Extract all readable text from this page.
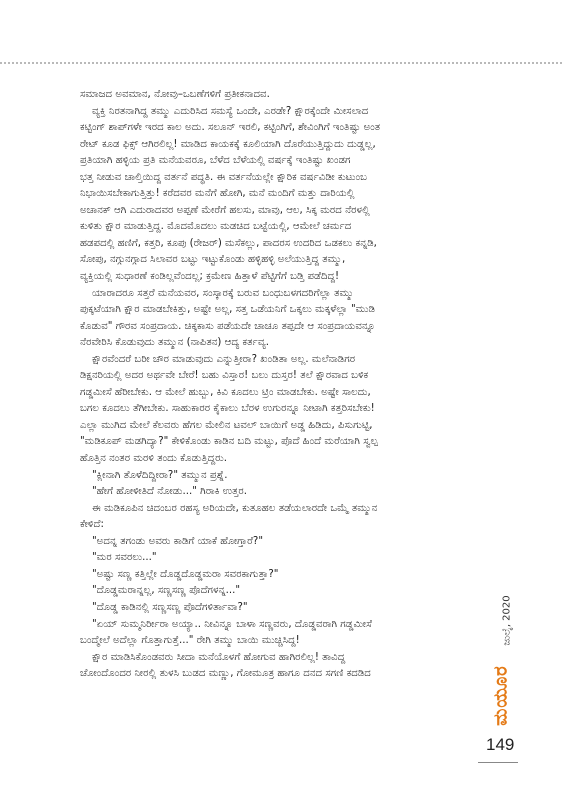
ಸಮಾಜದ ಅವಮಾನ, ನೋವು–ಒಬಣೆಗಳಿಗೆ ಪ್ರತೀಕನಾದವ.

ವ್ಯಕ್ತಿ ನಿರತನಾಗಿದ್ದ ತಮ್ಮು ಎದುರಿಸಿದ ಸಮಸ್ಯೆ ಒಂದೇ, ಎರಡೇ? ಕ್ಷೌರಕ್ಕೆಂದೇ ಮೀಸಲಾದ

ಕಟ್ಟಿಂಗ್ ಶಾಪ್‌ಗಳೇ ಇರದ ಕಾಲ ಅದು. ಸಲೂನ್ ಇರಲಿ, ಕಟ್ಟಿಂಗಿಗೆ, ಶೇವಿಂಗಿಗೆ ಇಂತಿಷ್ಟು ಅಂತ

ರೇಟ್ ಕೂಡ ಫಿಕ್ಸ್ ಆಗಿರಲಿಲ್ಲ! ಮಾಡಿದ ಕಾಯಕಕ್ಕೆ ಕೂಲಿಯಾಗಿ ದೊರೆಯುತ್ತಿದ್ದುದು ದುಡ್ಡಲ್ಲ,

ಪ್ರತಿಯಾಗಿ ಹಳ್ಳಿಯ ಪ್ರತಿ ಮನೆಯವರೂ, ಬೆಳೆದ ಬೆಳೆಯಲ್ಲಿ ವರ್ಷಕ್ಕೆ ಇಂತಿಷ್ಟು ಖಂಡಗ

ಭತ್ತ ನೀಡುವ ಚಾಲ್ತಿಯಿದ್ದ ವರ್ತನೆ ಪದ್ಧತಿ. ಈ ವರ್ತನೆಯಲ್ಲೇ ಕ್ಷೌರಿಕ ವರ್ಷವಿಡೀ ಕುಟುಂಬ

ನಿಭಾಯಿಸಬೇಕಾಗುತ್ತಿತ್ತು! ಕರೆದವರ ಮನೆಗೆ ಹೋಗಿ, ಮನೆ ಮಂದಿಗೆ ಮತ್ತು ದಾರಿಯಲ್ಲಿ

ಅಚಾನಕ್ ಆಗಿ ಎದುರಾದವರ ಅಪ್ಪಣೆ ಮೇರೆಗೆ ಹಲಸು, ಮಾವು, ಆಲ, ಸಿಕ್ಕ ಮರದ ನೆರಳಲ್ಲಿ

ಕುಳಿತು ಕ್ಷೌರ ಮಾಡುತ್ತಿದ್ದ. ಮೊದಮೊದಲು ಮಡಚಿದ ಬಟ್ಟೆಯಲ್ಲಿ, ಆಮೇಲೆ ಚರ್ಮದ

ಹಡಪದಲ್ಲಿ ಹಣಿಗೆ, ಕತ್ತರಿ, ಕೂಪು (ರೇಜರ್) ಮಸೆಕಲ್ಲು, ಪಾದರಸ ಉದರಿದ ಒಡಕಲು ಕನ್ನಡಿ,

ಸೋಪು, ನಗ್ಗುನಗ್ಗಾದ ಸಿಲಾವರ ಬಟ್ಟು ಇಟ್ಟುಕೊಂಡು ಹಳ್ಳಿಹಳ್ಳಿ ಅಲೆಯುತ್ತಿದ್ದ ತಮ್ಮು,

ವ್ಯಕ್ತಿಯಲ್ಲಿ ಸುಧಾರಣೆ ಕಂಡಿಲ್ಲವೆಂದಲ್ಲ; ಕ್ರಮೇಣ ಹಿತ್ತಾಳೆ ಪೆಟ್ಟಿಗೆಗೆ ಬಡ್ತಿ ಪಡೆದಿದ್ದ!

ಯಾರಾದರೂ ಸತ್ತರೆ ಮನೆಯವರ, ಸಂಸ್ಕಾರಕ್ಕೆ ಬರುವ ಬಂಧುಬಳಗದರಿಗೆಲ್ಲಾ ತಮ್ಮು

ಪುಕ್ಕಟೆಯಾಗಿ ಕ್ಷೌರ ಮಾಡಬೇಕಿತ್ತು, ಅಷ್ಟೇ ಅಲ್ಲ, ಸತ್ತ ಒಡೆಯನಿಗೆ ಒಕ್ಕಲು ಮಕ್ಕಳೆಲ್ಲಾ "ಮುಡಿ

ಕೊಡುವ" ಗೌರವ ಸಂಪ್ರದಾಯ. ಚಿಕ್ಕಕಾಸು ಪಡೆಯದೇ ಚಾಚೂ ತಪ್ಪದೇ ಆ ಸಂಪ್ರದಾಯವನ್ನೂ

ನೆರವೇರಿಸಿ ಕೊಡುವುದು ತಮ್ಮುನ (ನಾಪಿತನ) ಆದ್ಯ ಕರ್ತವ್ಯ.

ಕ್ಷೌರವೆಂದರೆ ಬರೀ ಚೌರ ಮಾಡುವುದು ಎನ್ನುತ್ತೀರಾ? ಖಂಡಿತಾ ಅಲ್ಲ. ಮಲೆನಾಡಿಗರ

ಡಿಕ್ಷನರಿಯಲ್ಲಿ ಅದರ ಅರ್ಥವೇ ಬೇರೆ! ಬಹು ವಿಸ್ತಾರ! ಬಲು ದುಸ್ತರ! ತಲೆ ಕ್ಷೌರವಾದ ಬಳಿಕ

ಗಡ್ಡಮೀಸೆ ಹೆರೀಬೇಕು. ಆ ಮೇಲೆ ಹುಬ್ಬು, ಕಿವಿ ಕೂದಲು ಟ್ರಿಂ ಮಾಡಬೇಕು. ಅಷ್ಟೇ ಸಾಲದು,

ಬಗಲ ಕೂದಲು ತೆಗೀಬೇಕು. ಸಾಹುಕಾರರ ಕೈಕಾಲು ಬೆರಳ ಉಗುರನ್ನೂ ನೀಟಾಗಿ ಕತ್ತರಿಸಬೇಕು!

ಎಲ್ಲಾ ಮುಗಿದ ಮೇಲೆ ಕೆಲವರು ಹೆಗಲ ಮೇಲಿನ ಟವಲ್ ಬಾಯಿಗೆ ಅಡ್ಡ ಹಿಡಿದು, ಪಿಸುಗುಟ್ಟಿ,

"ಮಡಿಕೂಪ್ ಮಡಗಿದ್ಯಾ?" ಕೇಳಿಕೊಂಡು ಕಾಡಿನ ಬದಿ ಮಟ್ಟು, ಪೊದೆ ಹಿಂದೆ ಮರೆಯಾಗಿ ಸ್ವಲ್ಪ

ಹೊತ್ತಿನ ನಂತರ ಮರಳಿ ತಂದು ಕೊಡುತ್ತಿದ್ದರು.

"ಕ್ಲೀನಾಗಿ ತೊಳೆದಿದ್ದೀರಾ?" ತಮ್ಮುನ ಪ್ರಶ್ನೆ.

"ಹೇಗೆ ಹೋಳೀತಿದೆ ನೋಡು..." ಗಿರಾಕಿ ಉತ್ತರ.

ಈ ಮಡಿಕೂಪಿನ ಚಿದಂಬರ ರಹಸ್ಯ ಅರಿಯದೇ, ಕುತೂಹಲ ತಡೆಯಲಾರದೇ ಒಮ್ಮೆ ತಮ್ಮುನ

ಕೇಳಿದೆ:

"ಅದನ್ನ ತಗಂಡು ಅವರು ಕಾಡಿಗೆ ಯಾಕೆ ಹೋಗ್ತಾರೆ?"

"ಮರ ಸವರಲು..."

"ಅಷ್ಟು ಸಣ್ಣ ಕತ್ತಿಲ್ಲೇ ದೊಡ್ಡದೊಡ್ಡಮರಾ ಸವರಕಾಗುತ್ತಾ?"

"ದೊಡ್ಡಮರಾನ್ನಲ್ಲ, ಸಣ್ಣಸಣ್ಣ ಪೊದೆಗಳನ್ನ..."

"ದೊಡ್ಡ ಕಾಡಿನಲ್ಲಿ ಸಣ್ಣಸಣ್ಣ ಪೊದೆಗಳಿರ್ತಾವಾ?"

"ಏಯ್ ಸುಮ್ಮನಿರ್ರೀರಾ ಅಯ್ಯಾ.. ನೀವಿನ್ನೂ ಬಾಳಾ ಸಣ್ಣವರು, ದೊಡ್ಡವರಾಗಿ ಗಡ್ಡಮೀಸೆ

ಬಂದ್ಮೇಲೆ ಅದೆಲ್ಲಾ ಗೊತ್ತಾಗುತ್ತೆ..." ರೇಗಿ ತಮ್ಮು ಬಾಯಿ ಮುಚ್ಚಿಸಿದ್ದ!

ಕ್ಷೌರ ಮಾಡಿಸಿಕೊಂಡವರು ಸೀದಾ ಮನೆಯೊಳಗೆ ಹೋಗುವ ಹಾಗಿರಲಿಲ್ಲ! ತಾವಿದ್ದ

ಚೋಂದೊಂದರ ನೀರಲ್ಲಿ ತುಳಸಿ ಬುಡದ ಮಣ್ಣು, ಗೋಮೂತ್ರ ಹಾಗೂ ದನದ ಸಗಣಿ ಕದಡಿದ

ಜುಲೈ, 2020
ಮಯೂರ
149
